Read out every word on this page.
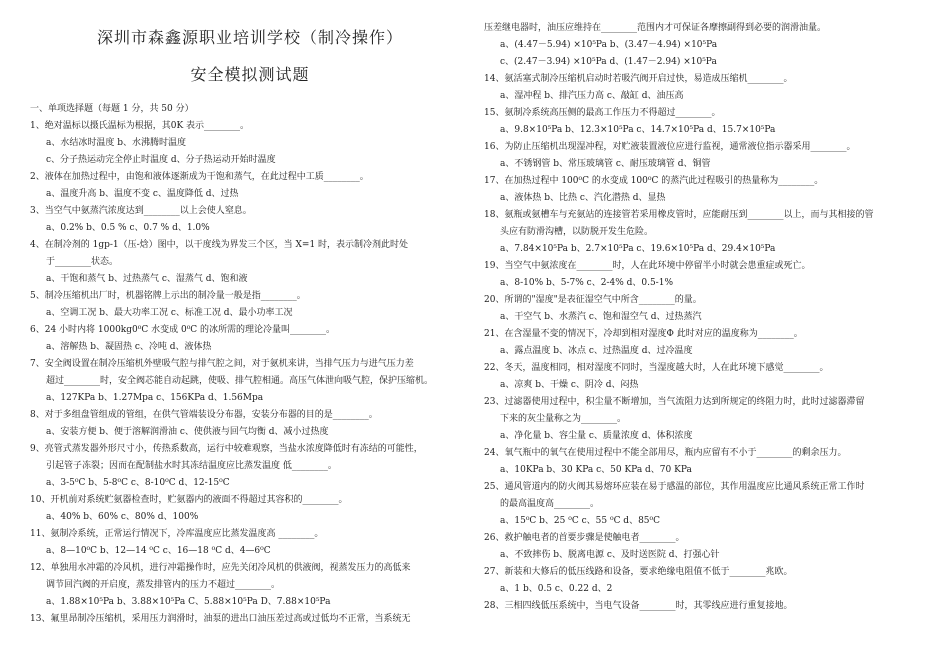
深圳市森鑫源职业培训学校（制冷操作）
安全模拟测试题
一、单项选择题（每题 1 分，共 50 分）
1、绝对温标以摄氏温标为根据，其0K 表示________。
a、水结冰时温度 b、水沸腾时温度
c、分子热运动完全停止时温度 d、分子热运动开始时温度
2、液体在加热过程中，由饱和液体逐渐成为干饱和蒸气，在此过程中工质________。
a、温度升高 b、温度不变 c、温度降低 d、过热
3、当空气中氨蒸汽浓度达到________以上会使人窒息。
a、0.2% b、0.5 % c、0.7 % d、1.0%
4、在制冷剂的 1gp-1（压-焓）图中，以干度线为界发三个区，当 X=1 时，表示制冷剂此时处
于________状态。
a、干饱和蒸气 b、过热蒸气 c、湿蒸气 d、饱和液
5、制冷压缩机出厂时，机器铭牌上示出的制冷量一般是指________。
a、空调工况 b、最大功率工况 c、标准工况 d、最小功率工况
6、24 小时内将 1000kg0⁰C 水变成 0⁰C 的冰所需的理论冷量叫________。
a、溶解热 b、凝固热 c、冷吨 d、液体热
7、安全阀设置在制冷压缩机外壁吸气腔与排气腔之间，对于氨机来讲，当排气压力与进气压力差
超过________时，安全阀芯能自动起跳，使吸、排气腔相通。高压气体泄向吸气腔，保护压缩机。
a、127KPa b、1.27Mpa c、156KPa d、1.56Mpa
8、对于多组盘管组成的管组，在供气管端装设分布器，安装分布器的目的是________。
a、安装方便 b、便于溶解润滑油 c、使供液与回气均衡 d、减小过热度
9、亮管式蒸发器外形尺寸小，传热系数高，运行中较难观察，当盐水浓度降低时有冻结的可能性，
引起管子冻裂；因而在配制盐水时其冻结温度应比蒸发温度 低________。
a、3-5⁰C b、5-8⁰C c、8-10⁰C d、12-15⁰C
10、开机前对系统贮氨器检查时，贮氨器内的液面不得超过其容积的________。
a、40% b、60% c、80% d、100%
11、氨制冷系统，正常运行情况下，冷库温度应比蒸发温度高 ________。
a、8—10⁰C b、12—14 ⁰C c、16—18 ⁰C d、4—6⁰C
12、单独用水冲霜的冷风机，进行冲霜操作时，应先关闭冷风机的供液阀，视蒸发压力的高低来
调节回汽阀的开启度，蒸发排管内的压力不超过________。
a、1.88×10⁵Pa b、3.88×10⁵Pa C、5.88×10⁵Pa D、7.88×10⁵Pa
13、氟里昂制冷压缩机，采用压力润滑时，油泵的进出口油压差过高或过低均不正常，当系统无
压差继电器时，油压应维持在________范围内才可保证各摩擦副得到必要的润滑油量。
a、(4.47－5.94) ×10⁵Pa b、(3.47－4.94) ×10⁵Pa
c、(2.47－3.94) ×10⁵Pa d、(1.47－2.94) ×10⁵Pa
14、氨活塞式制冷压缩机启动时若吸汽阀开启过快，易造成压缩机________。
a、湿冲程 b、排汽压力高 c、敲缸 d、油压高
15、氨制冷系统高压侧的最高工作压力不得超过________。
a、9.8×10⁵Pa b、12.3×10⁵Pa c、14.7×10⁵Pa d、15.7×10⁵Pa
16、为防止压缩机出现湿冲程，对贮液装置液位应进行监视，通常液位指示器采用________。
a、不锈钢管 b、常压玻璃管 c、耐压玻璃管 d、铜管
17、在加热过程中 100⁰C 的水变成 100⁰C 的蒸汽此过程吸引的热量称为________。
a、液体热 b、比热 c、汽化潜热 d、显热
18、氨瓶或氨槽车与充氨站的连接管若采用橡皮管时，应能耐压到________以上，而与其相接的管
头应有防滑沟槽，以防脱开发生危险。
a、7.84×10⁵Pa b、2.7×10⁵Pa c、19.6×10⁵Pa d、29.4×10⁵Pa
19、当空气中氨浓度在________时，人在此环境中停留半小时就会患重症或死亡。
a、8-10% b、5-7% c、2-4% d、0.5-1%
20、所谓的"湿度"是表征湿空气中所含________的量。
a、干空气 b、水蒸汽 c、饱和湿空气 d、过热蒸汽
21、在含湿量不变的情况下，冷却到相对湿度Φ 此时对应的温度称为________。
a、露点温度 b、冰点 c、过热温度 d、过冷温度
22、冬天，温度相同，相对湿度不同时，当湿度越大时，人在此环境下感觉________。
a、凉爽 b、干燥 c、阴冷 d、闷热
23、过滤器使用过程中，积尘量不断增加，当气流阻力达到所规定的终阻力时，此时过滤器滞留
下来的灰尘量称之为________。
a、净化量 b、容尘量 c、质量浓度 d、体积浓度
24、氧气瓶中的氧气在使用过程中不能全部用尽，瓶内应留有不小于________的剩余压力。
a、10KPa b、30 KPa c、50 KPa d、70 KPa
25、通风管道内的防火阀其易熔环应装在易于感温的部位，其作用温度应比通风系统正常工作时
的最高温度高________。
a、15⁰C b、25 ⁰C c、55 ⁰C d、85⁰C
26、救护触电者的首要步骤是使触电者________。
a、不致摔伤 b、脱离电源 c、及时送医院 d、打强心针
27、新装和大修后的低压线路和设备，要求绝缘电阻值不低于________兆欧。
a、1 b、0.5 c、0.22 d、2
28、三相四线低压系统中，当电气设备________时，其零线应进行重复接地。
